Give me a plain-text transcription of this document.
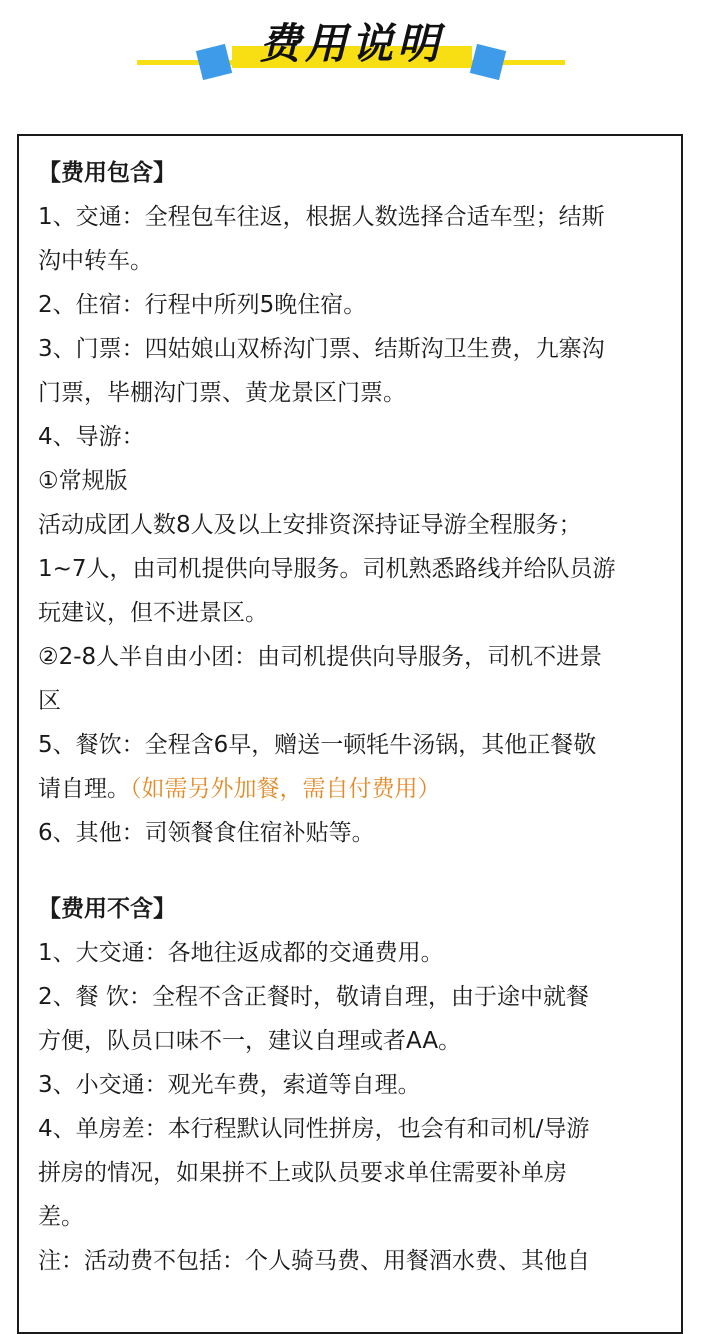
费用说明

【费用包含】

1、交通：全程包车往返，根据人数选择合适车型；结斯

沟中转车。

2、住宿：行程中所列5晚住宿。

3、门票：四姑娘山双桥沟门票、结斯沟卫生费，九寨沟

门票，毕棚沟门票、黄龙景区门票。

4、导游：

①常规版

活动成团人数8人及以上安排资深持证导游全程服务；

1~7人，由司机提供向导服务。司机熟悉路线并给队员游

玩建议，但不进景区。

②2-8人半自由小团：由司机提供向导服务，司机不进景

区

5、餐饮：全程含6早，赠送一顿牦牛汤锅，其他正餐敬

请自理。（如需另外加餐，需自付费用）

6、其他：司领餐食住宿补贴等。

【费用不含】

1、大交通：各地往返成都的交通费用。

2、餐 饮：全程不含正餐时，敬请自理，由于途中就餐

方便，队员口味不一，建议自理或者AA。

3、小交通：观光车费，索道等自理。

4、单房差：本行程默认同性拼房，也会有和司机/导游

拼房的情况，如果拼不上或队员要求单住需要补单房

差。

注：活动费不包括：个人骑马费、用餐酒水费、其他自
